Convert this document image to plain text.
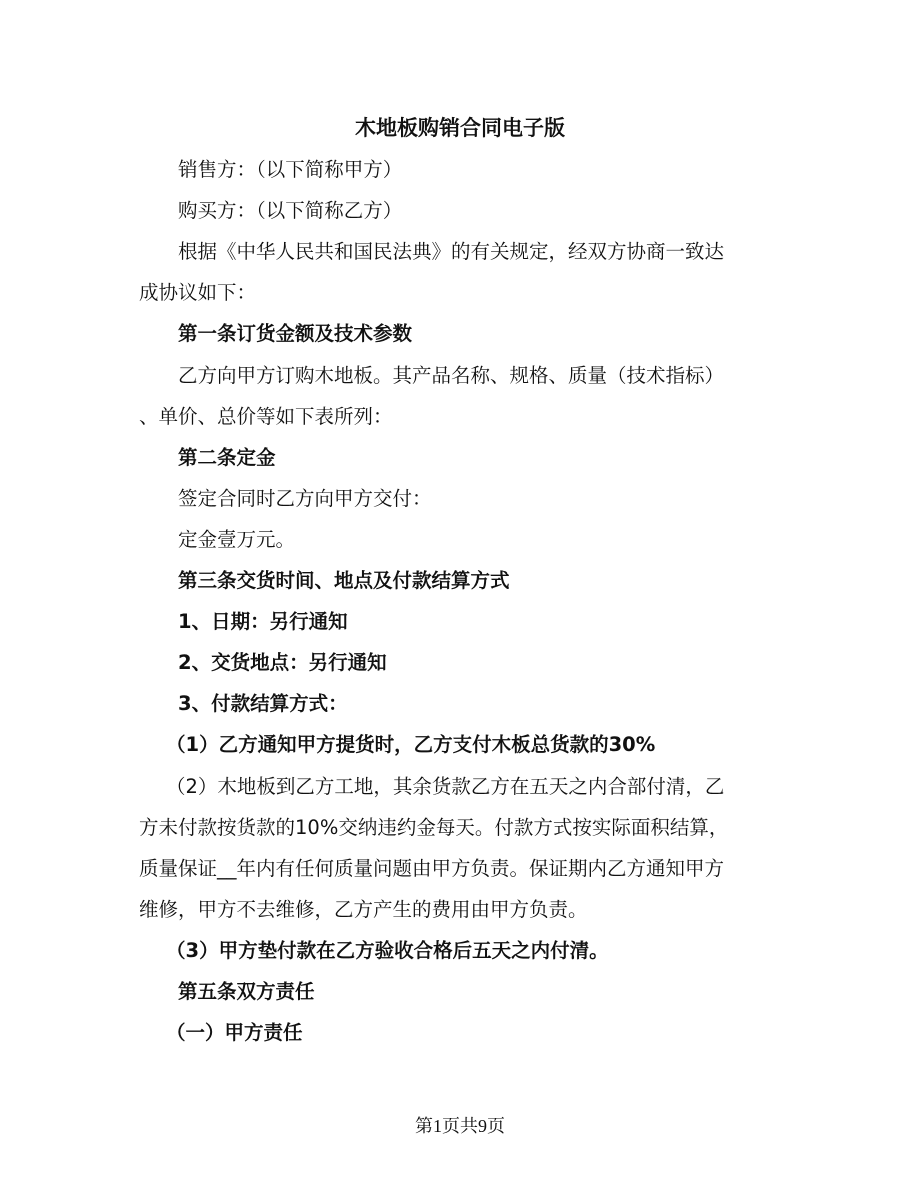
木地板购销合同电子版
销售方：（以下简称甲方）
购买方：（以下简称乙方）
根据《中华人民共和国民法典》的有关规定，经双方协商一致达
成协议如下：
第一条订货金额及技术参数
乙方向甲方订购木地板。其产品名称、规格、质量（技术指标）
、单价、总价等如下表所列：
第二条定金
签定合同时乙方向甲方交付：
定金壹万元。
第三条交货时间、地点及付款结算方式
1、日期：另行通知
2、交货地点：另行通知
3、付款结算方式：
（1）乙方通知甲方提货时，乙方支付木板总货款的30%
（2）木地板到乙方工地，其余货款乙方在五天之内合部付清，乙
方未付款按货款的10%交纳违约金每天。付款方式按实际面积结算，
质量保证__年内有任何质量问题由甲方负责。保证期内乙方通知甲方
维修，甲方不去维修，乙方产生的费用由甲方负责。
（3）甲方垫付款在乙方验收合格后五天之内付清。
第五条双方责任
（一）甲方责任
第1页共9页
